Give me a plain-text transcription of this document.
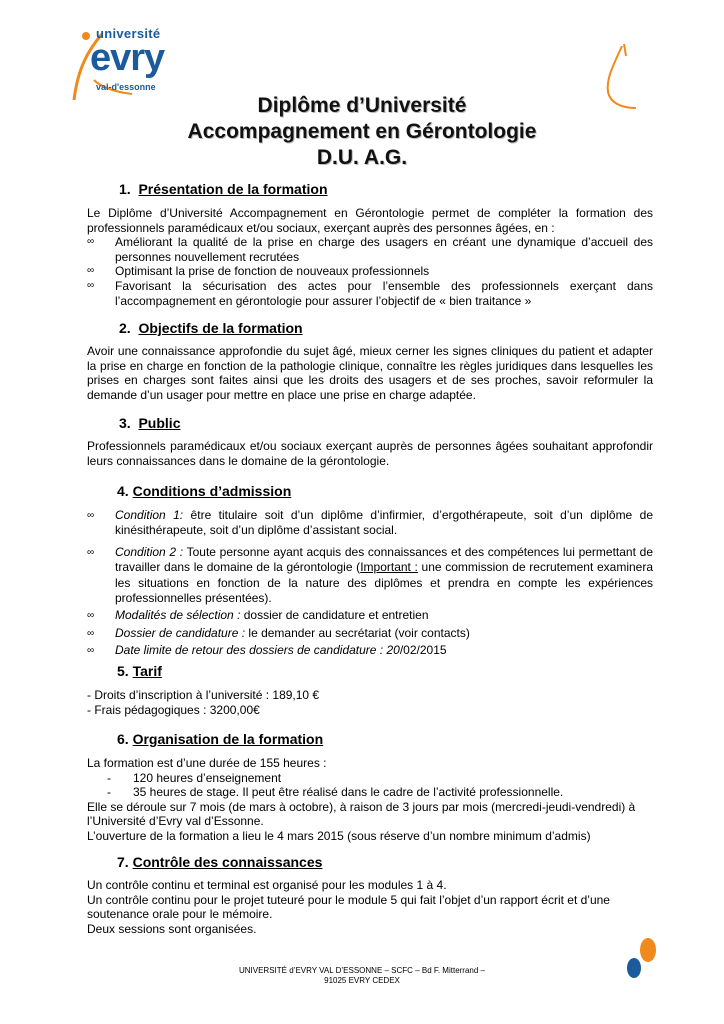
université
evry
val-d'essonne
Diplôme d’Université
Accompagnement en Gérontologie
D.U. A.G.
1. Présentation de la formation

Le Diplôme d’Université Accompagnement en Gérontologie permet de compléter la formation des professionnels paramédicaux et/ou sociaux, exerçant auprès des personnes âgées, en :

∞ Améliorant la qualité de la prise en charge des usagers en créant une dynamique d’accueil des personnes nouvellement recrutées
∞ Optimisant la prise de fonction de nouveaux professionnels
∞ Favorisant la sécurisation des actes pour l’ensemble des professionnels exerçant dans l’accompagnement en gérontologie pour assurer l’objectif de « bien traitance »
2. Objectifs de la formation

Avoir une connaissance approfondie du sujet âgé, mieux cerner les signes cliniques du patient et adapter la prise en charge en fonction de la pathologie clinique, connaître les règles juridiques dans lesquelles les prises en charges sont faites ainsi que les droits des usagers et de ses proches, savoir reformuler la demande d’un usager pour mettre en place une prise en charge adaptée.

3. Public

Professionnels paramédicaux et/ou sociaux exerçant auprès de personnes âgées souhaitant approfondir leurs connaissances dans le domaine de la gérontologie.

4. Conditions d’admission
∞ Condition 1: être titulaire soit d’un diplôme d’infirmier, d’ergothérapeute, soit d’un diplôme de kinésithérapeute, soit d’un diplôme d’assistant social.
∞ Condition 2 : Toute personne ayant acquis des connaissances et des compétences lui permettant de travailler dans le domaine de la gérontologie (Important : une commission de recrutement examinera les situations en fonction de la nature des diplômes et prendra en compte les expériences professionnelles présentées).
∞ Modalités de sélection : dossier de candidature et entretien
∞ Dossier de candidature : le demander au secrétariat (voir contacts)
∞ Date limite de retour des dossiers de candidature : 20/02/2015
5. Tarif

- Droits d’inscription à l’université : 189,10 €

- Frais pédagogiques : 3200,00€

6. Organisation de la formation

La formation est d’une durée de 155 heures :

- 120 heures d’enseignement
- 35 heures de stage. Il peut être réalisé dans le cadre de l’activité professionnelle.

Elle se déroule sur 7 mois (de mars à octobre), à raison de 3 jours par mois (mercredi-jeudi-vendredi) à l’Université d’Evry val d’Essonne.

L’ouverture de la formation a lieu le 4 mars 2015 (sous réserve d’un nombre minimum d’admis)

7. Contrôle des connaissances

Un contrôle continu et terminal est organisé pour les modules 1 à 4.

Un contrôle continu pour le projet tuteuré pour le module 5 qui fait l’objet d’un rapport écrit et d’une soutenance orale pour le mémoire.

Deux sessions sont organisées.

UNIVERSITÉ d’EVRY VAL D’ESSONNE – SCFC – Bd F. Mitterrand –
91025 EVRY CEDEX
